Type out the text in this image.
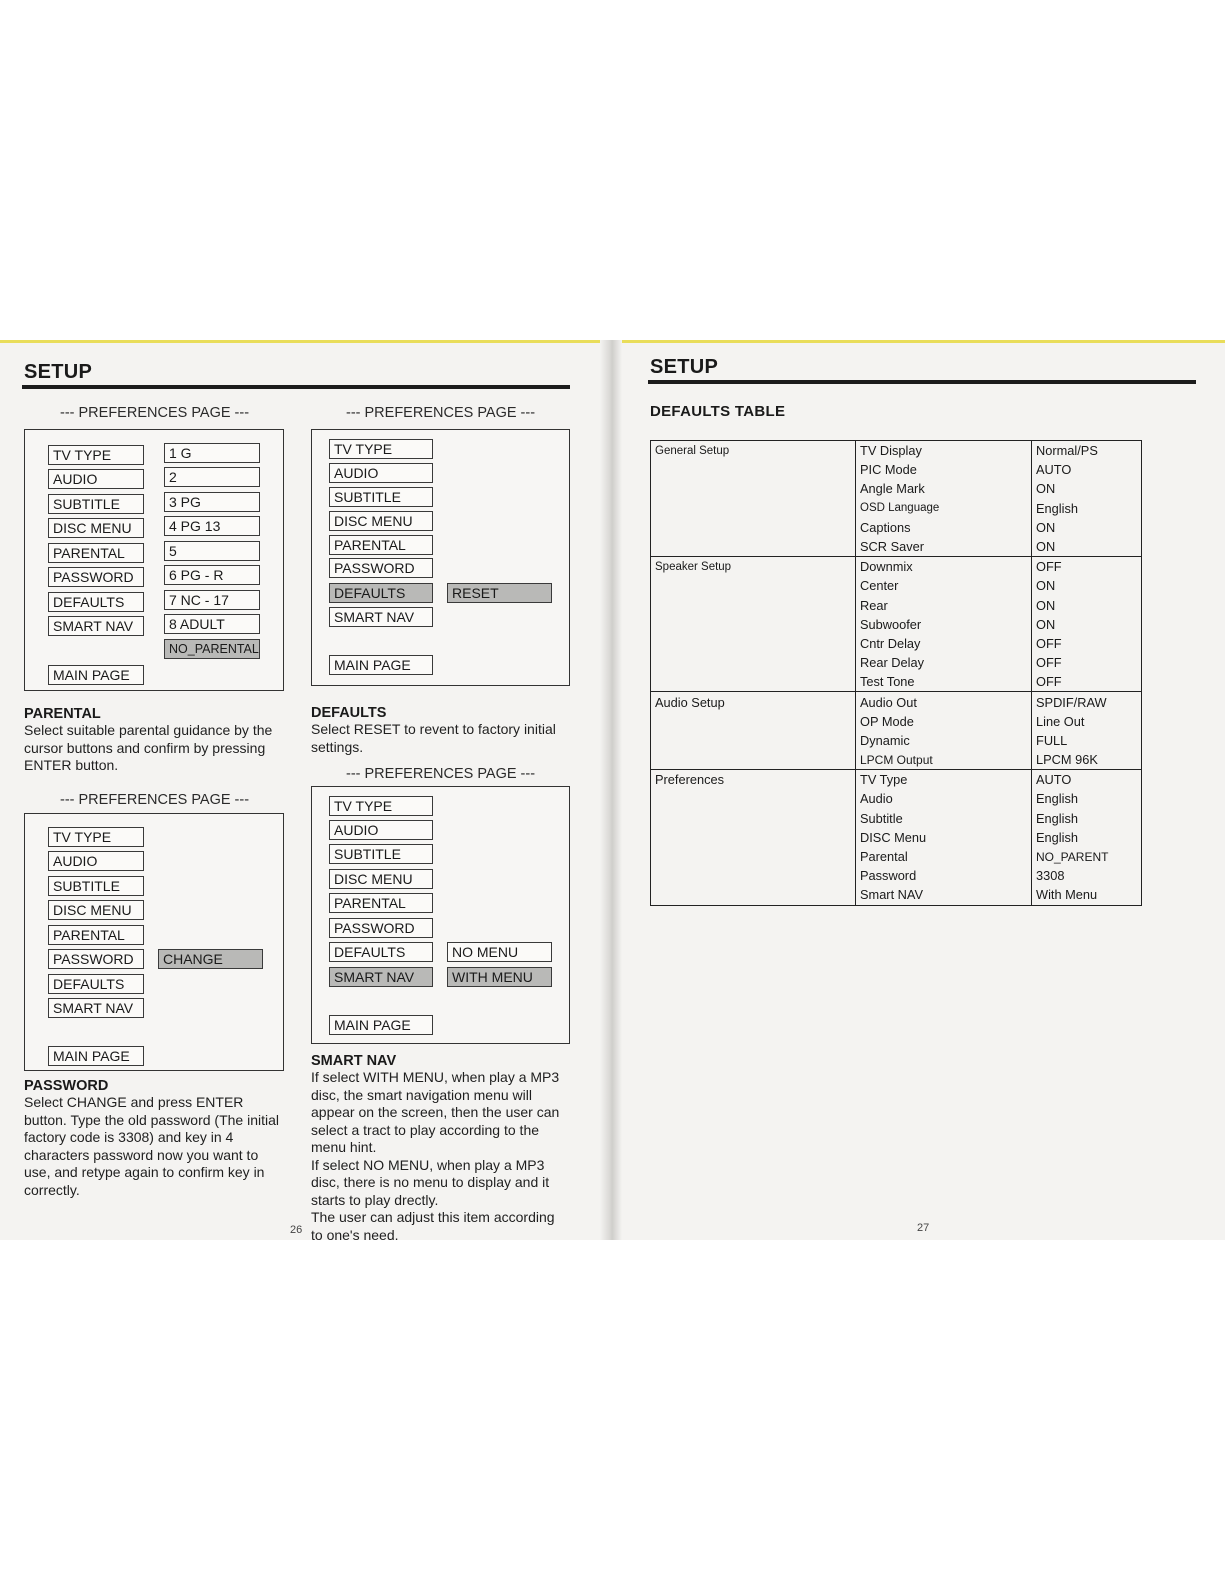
SETUP
--- PREFERENCES PAGE ---
TV TYPE
AUDIO
SUBTITLE
DISC MENU
PARENTAL
PASSWORD
DEFAULTS
SMART NAV
MAIN PAGE
1 G
2
3 PG
4 PG 13
5
6 PG - R
7 NC - 17
8 ADULT
NO_PARENTAL
PARENTAL
Select suitable parental guidance by the
cursor buttons and confirm by pressing
ENTER button.
--- PREFERENCES PAGE ---
TV TYPE
AUDIO
SUBTITLE
DISC MENU
PARENTAL
PASSWORD
DEFAULTS
SMART NAV
MAIN PAGE
CHANGE
PASSWORD
Select CHANGE and press ENTER
button. Type the old password (The initial
factory code is 3308) and key in 4
characters password now you want to
use, and retype again to confirm key in
correctly.
--- PREFERENCES PAGE ---
TV TYPE
AUDIO
SUBTITLE
DISC MENU
PARENTAL
PASSWORD
DEFAULTS
SMART NAV
MAIN PAGE
RESET
DEFAULTS
Select RESET to revent to factory initial
settings.
--- PREFERENCES PAGE ---
TV TYPE
AUDIO
SUBTITLE
DISC MENU
PARENTAL
PASSWORD
DEFAULTS
SMART NAV
MAIN PAGE
NO MENU
WITH MENU
SMART NAV
If select WITH MENU, when play a MP3
disc, the smart navigation menu will
appear on the screen, then the user can
select a tract to play according to the
menu hint.
If select NO MENU, when play a MP3
disc, there is no menu to display and it
starts to play drectly.
The user can adjust this item according
to one's need.
26
SETUP
DEFAULTS TABLE
General Setup	TV Display	Normal/PS
	PIC Mode	AUTO
	Angle Mark	ON
	OSD Language	English
	Captions	ON
	SCR Saver	ON
Speaker Setup	Downmix	OFF
	Center	ON
	Rear	ON
	Subwoofer	ON
	Cntr Delay	OFF
	Rear Delay	OFF
	Test Tone	OFF
Audio Setup	Audio Out	SPDIF/RAW
	OP Mode	Line Out
	Dynamic	FULL
	LPCM Output	LPCM 96K
Preferences	TV Type	AUTO
	Audio	English
	Subtitle	English
	DISC Menu	English
	Parental	NO_PARENT
	Password	3308
	Smart NAV	With Menu
27
